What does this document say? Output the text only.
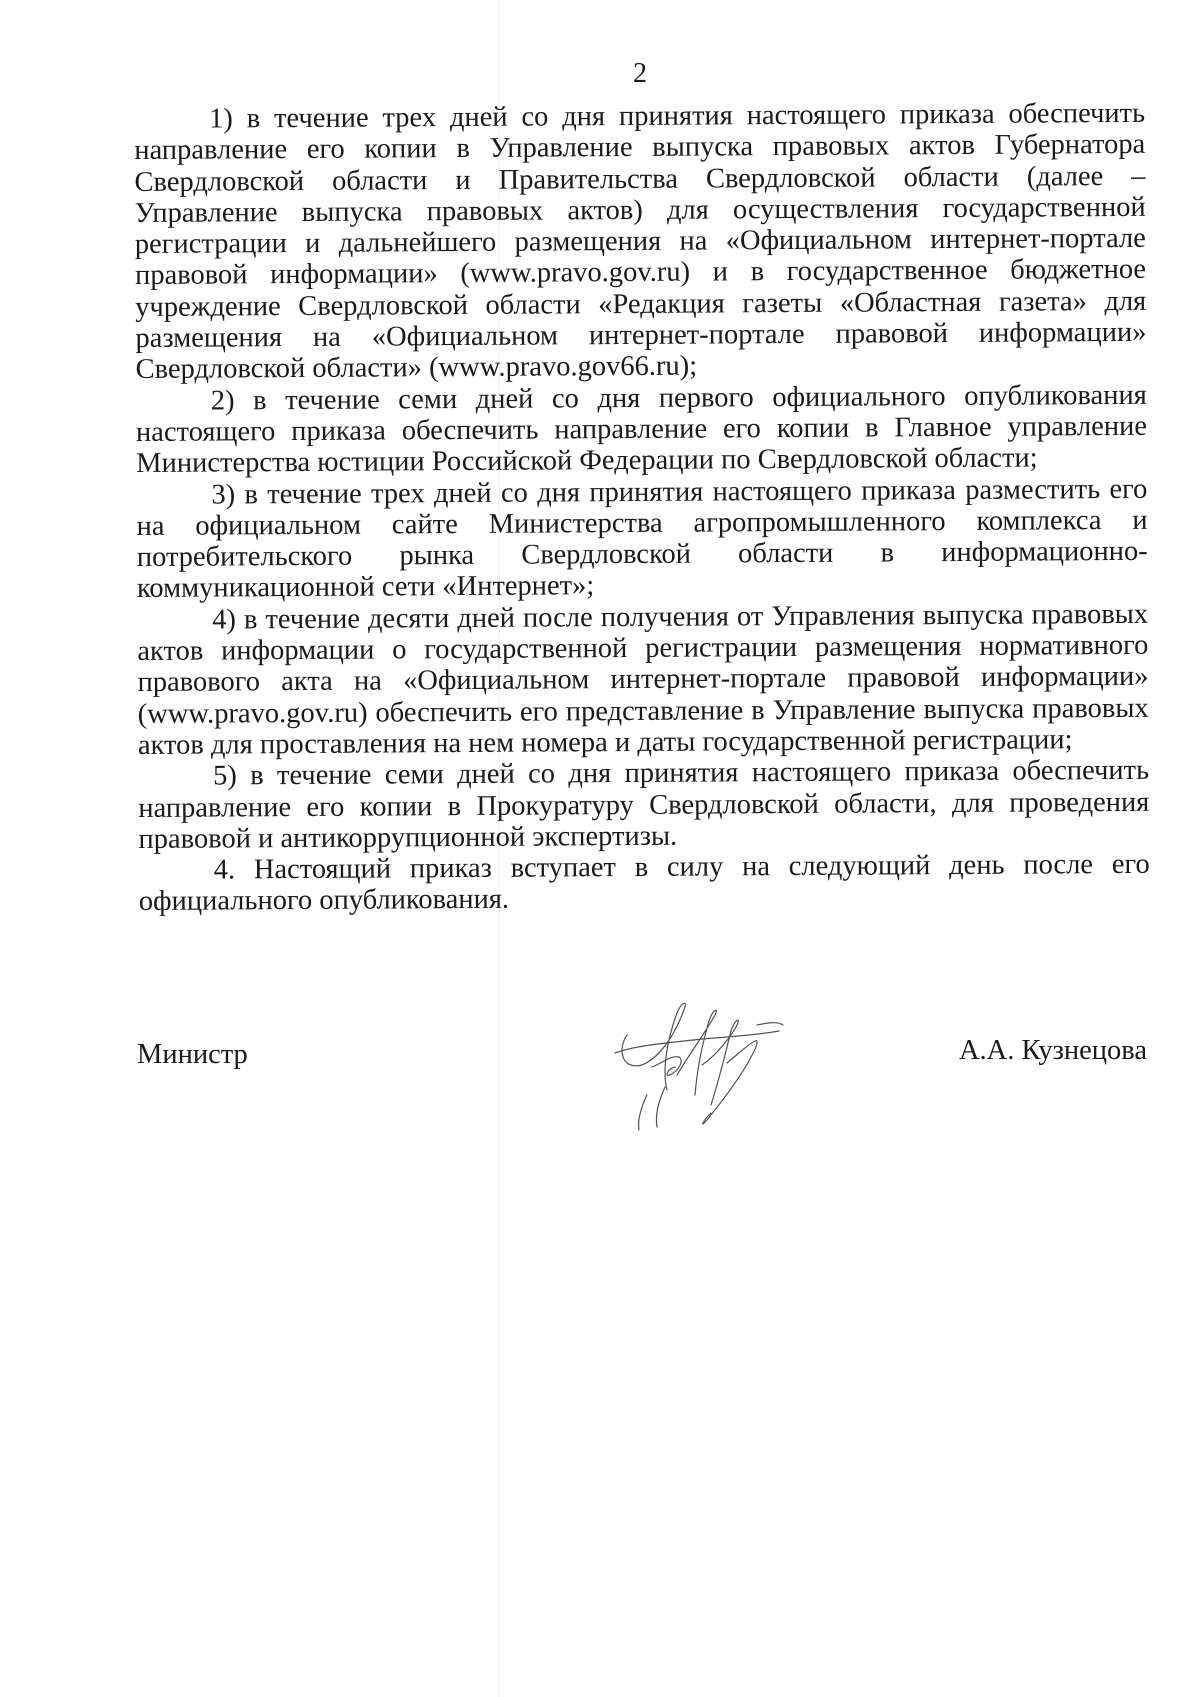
2

1) в течение трех дней со дня принятия настоящего приказа обеспечить направление его копии в Управление выпуска правовых актов Губернатора Свердловской области и Правительства Свердловской области (далее – Управление выпуска правовых актов) для осуществления государственной регистрации и дальнейшего размещения на «Официальном интернет-портале правовой информации» (www.pravo.gov.ru) и в государственное бюджетное учреждение Свердловской области «Редакция газеты «Областная газета» для размещения на «Официальном интернет-портале правовой информации» Свердловской области» (www.pravo.gov66.ru);

2) в течение семи дней со дня первого официального опубликования настоящего приказа обеспечить направление его копии в Главное управление Министерства юстиции Российской Федерации по Свердловской области;

3) в течение трех дней со дня принятия настоящего приказа разместить его на официальном сайте Министерства агропромышленного комплекса и потребительского рынка Свердловской области в информационно-коммуникационной сети «Интернет»;

4) в течение десяти дней после получения от Управления выпуска правовых актов информации о государственной регистрации размещения нормативного правового акта на «Официальном интернет-портале правовой информации» (www.pravo.gov.ru) обеспечить его представление в Управление выпуска правовых актов для проставления на нем номера и даты государственной регистрации;

5) в течение семи дней со дня принятия настоящего приказа обеспечить направление его копии в Прокуратуру Свердловской области, для проведения правовой и антикоррупционной экспертизы.

4. Настоящий приказ вступает в силу на следующий день после его официального опубликования.

Министр	А.А. Кузнецова
